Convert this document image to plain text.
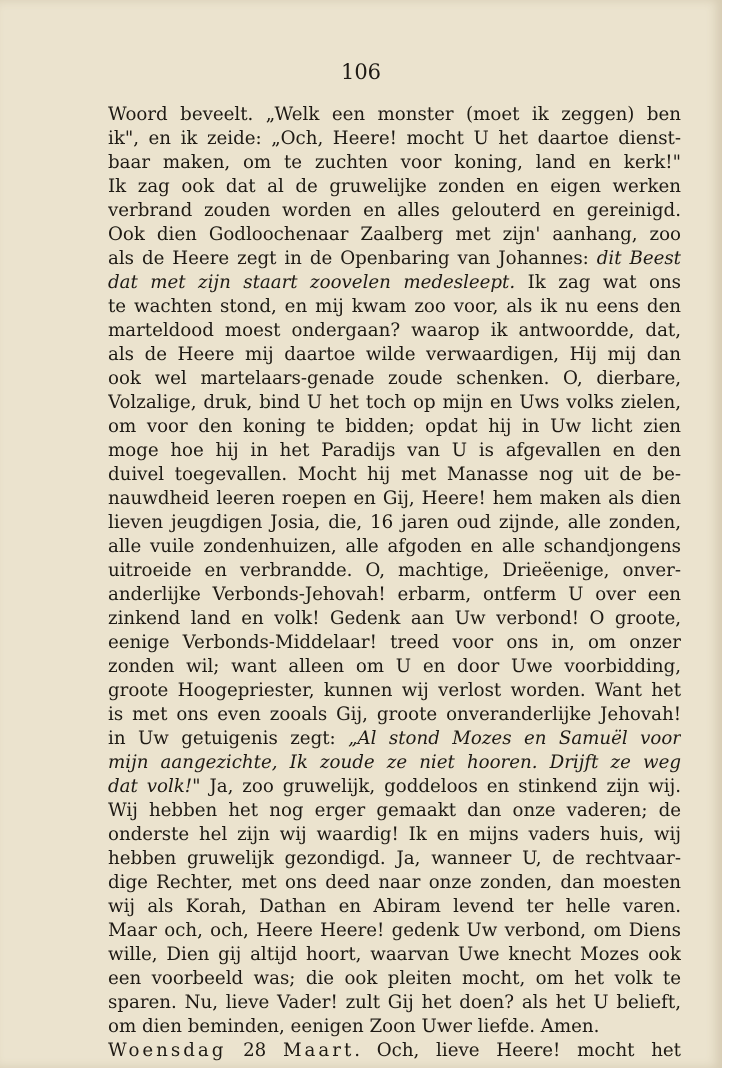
106
Woord beveelt. „Welk een monster (moet ik zeggen) ben
ik", en ik zeide: „Och, Heere! mocht U het daartoe dienst-
baar maken, om te zuchten voor koning, land en kerk!"
Ik zag ook dat al de gruwelijke zonden en eigen werken
verbrand zouden worden en alles gelouterd en gereinigd.
Ook dien Godloochenaar Zaalberg met zijn' aanhang, zoo
als de Heere zegt in de Openbaring van Johannes: dit Beest
dat met zijn staart zoovelen medesleept. Ik zag wat ons
te wachten stond, en mij kwam zoo voor, als ik nu eens den
marteldood moest ondergaan? waarop ik antwoordde, dat,
als de Heere mij daartoe wilde verwaardigen, Hij mij dan
ook wel martelaars-genade zoude schenken. O, dierbare,
Volzalige, druk, bind U het toch op mijn en Uws volks zielen,
om voor den koning te bidden; opdat hij in Uw licht zien
moge hoe hij in het Paradijs van U is afgevallen en den
duivel toegevallen. Mocht hij met Manasse nog uit de be-
nauwdheid leeren roepen en Gij, Heere! hem maken als dien
lieven jeugdigen Josia, die, 16 jaren oud zijnde, alle zonden,
alle vuile zondenhuizen, alle afgoden en alle schandjongens
uitroeide en verbrandde. O, machtige, Drieëenige, onver-
anderlijke Verbonds-Jehovah! erbarm, ontferm U over een
zinkend land en volk! Gedenk aan Uw verbond! O groote,
eenige Verbonds-Middelaar! treed voor ons in, om onzer
zonden wil; want alleen om U en door Uwe voorbidding,
groote Hoogepriester, kunnen wij verlost worden. Want het
is met ons even zooals Gij, groote onveranderlijke Jehovah!
in Uw getuigenis zegt: „Al stond Mozes en Samuël voor
mijn aangezichte, Ik zoude ze niet hooren. Drijft ze weg
dat volk!" Ja, zoo gruwelijk, goddeloos en stinkend zijn wij.
Wij hebben het nog erger gemaakt dan onze vaderen; de
onderste hel zijn wij waardig! Ik en mijns vaders huis, wij
hebben gruwelijk gezondigd. Ja, wanneer U, de rechtvaar-
dige Rechter, met ons deed naar onze zonden, dan moesten
wij als Korah, Dathan en Abiram levend ter helle varen.
Maar och, och, Heere Heere! gedenk Uw verbond, om Diens
wille, Dien gij altijd hoort, waarvan Uwe knecht Mozes ook
een voorbeeld was; die ook pleiten mocht, om het volk te
sparen. Nu, lieve Vader! zult Gij het doen? als het U belieft,
om dien beminden, eenigen Zoon Uwer liefde. Amen.
Woensdag 28 Maart. Och, lieve Heere! mocht het
